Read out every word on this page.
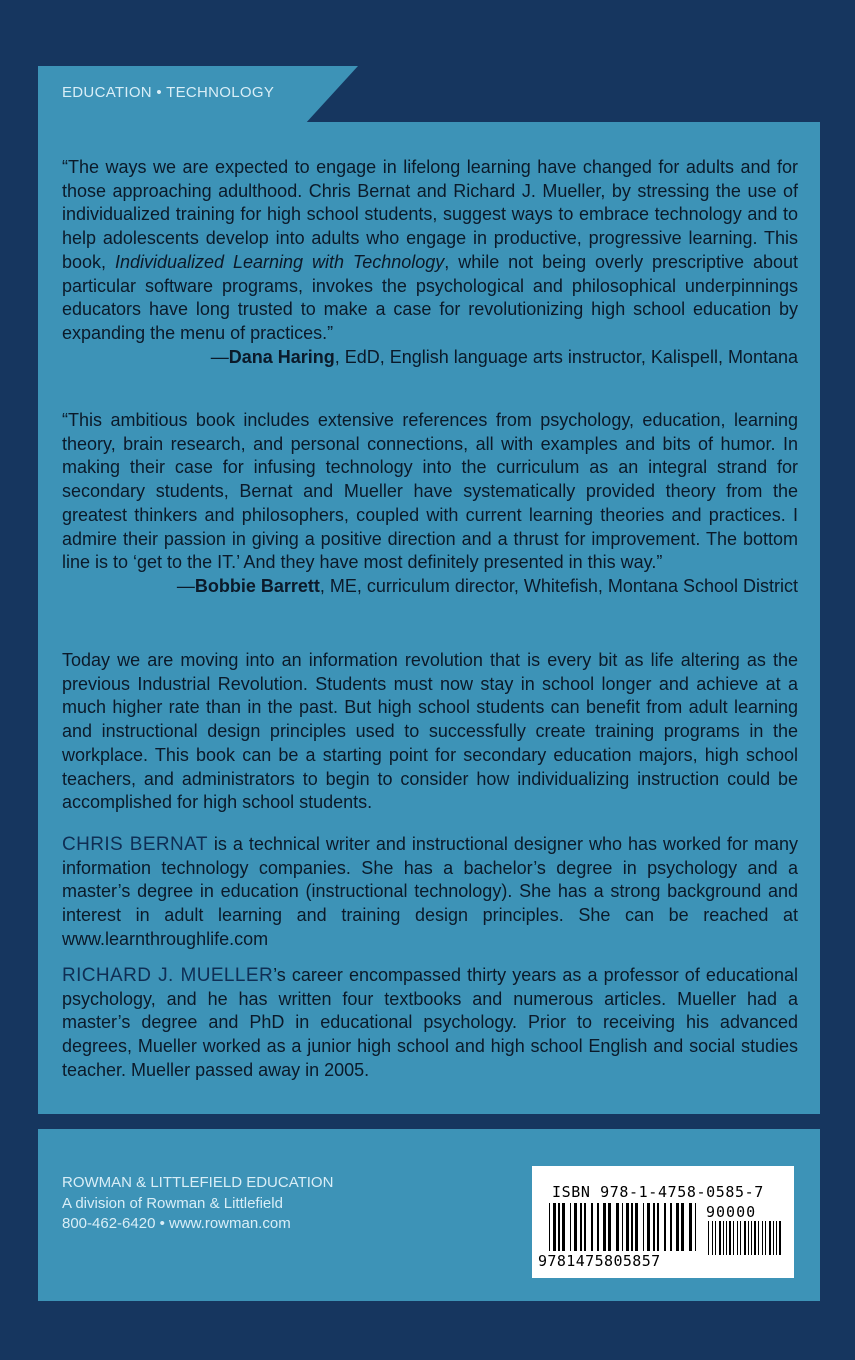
EDUCATION • TECHNOLOGY

“The ways we are expected to engage in lifelong learning have changed for adults and for those approaching adulthood. Chris Bernat and Richard J. Mueller, by stressing the use of individualized training for high school students, suggest ways to embrace technology and to help adolescents develop into adults who engage in productive, progressive learning. This book, Individualized Learning with Technology, while not being overly prescriptive about particular software programs, invokes the psychological and philosophical underpinnings educators have long trusted to make a case for revolutionizing high school education by expanding the menu of practices.”

—Dana Haring, EdD, English language arts instructor, Kalispell, Montana

“This ambitious book includes extensive references from psychology, education, learning theory, brain research, and personal connections, all with examples and bits of humor. In making their case for infusing technology into the curriculum as an integral strand for secondary students, Bernat and Mueller have systematically provided theory from the greatest thinkers and philosophers, coupled with current learning theories and practices. I admire their passion in giving a positive direction and a thrust for improvement. The bottom line is to ‘get to the IT.’ And they have most definitely presented in this way.”

—Bobbie Barrett, ME, curriculum director, Whitefish, Montana School District

Today we are moving into an information revolution that is every bit as life altering as the previous Industrial Revolution. Students must now stay in school longer and achieve at a much higher rate than in the past. But high school students can benefit from adult learning and instructional design principles used to successfully create training programs in the workplace. This book can be a starting point for secondary education majors, high school teachers, and administrators to begin to consider how individualizing instruction could be accomplished for high school students.

CHRIS BERNAT is a technical writer and instructional designer who has worked for many information technology companies. She has a bachelor’s degree in psychology and a master’s degree in education (instructional technology). She has a strong background and interest in adult learning and training design principles. She can be reached at www.learnthroughlife.com

RICHARD J. MUELLER’s career encompassed thirty years as a professor of educational psychology, and he has written four textbooks and numerous articles. Mueller had a master’s degree and PhD in educational psychology. Prior to receiving his advanced degrees, Mueller worked as a junior high school and high school English and social studies teacher. Mueller passed away in 2005.

ROWMAN & LITTLEFIELD EDUCATION
A division of Rowman & Littlefield
800-462-6420 • www.rowman.com
ISBN 978-1-4758-0585-7
90000
9781475805857
